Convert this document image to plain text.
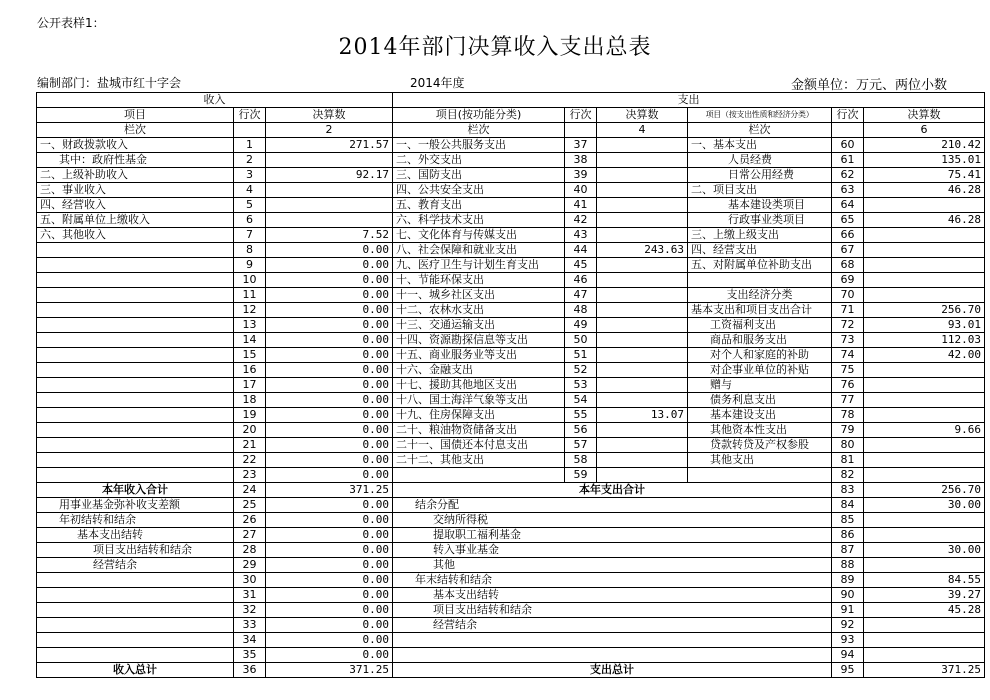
公开表样1：
2014年部门决算收入支出总表
编制部门：盐城市红十字会	2014年度	金额单位：万元、两位小数
收入			支出					
项目	行次	决算数	项目(按功能分类)	行次	决算数	项目（按支出性质和经济分类）	行次	决算数
栏次		2	栏次		4	栏次		6
一、财政拨款收入	1	271.57	一、一般公共服务支出	37		一、基本支出	60	210.42
其中：政府性基金	2		二、外交支出	38		人员经费	61	135.01
二、上级补助收入	3	92.17	三、国防支出	39		日常公用经费	62	75.41
三、事业收入	4		四、公共安全支出	40		二、项目支出	63	46.28
四、经营收入	5		五、教育支出	41		基本建设类项目	64	
五、附属单位上缴收入	6		六、科学技术支出	42		行政事业类项目	65	46.28
六、其他收入	7	7.52	七、文化体育与传媒支出	43		三、上缴上级支出	66	
	8	0.00	八、社会保障和就业支出	44	243.63	四、经营支出	67	
	9	0.00	九、医疗卫生与计划生育支出	45		五、对附属单位补助支出	68	
	10	0.00	十、节能环保支出	46			69	
	11	0.00	十一、城乡社区支出	47		支出经济分类	70	
	12	0.00	十二、农林水支出	48		基本支出和项目支出合计	71	256.70
	13	0.00	十三、交通运输支出	49		工资福利支出	72	93.01
	14	0.00	十四、资源勘探信息等支出	50		商品和服务支出	73	112.03
	15	0.00	十五、商业服务业等支出	51		对个人和家庭的补助	74	42.00
	16	0.00	十六、金融支出	52		对企事业单位的补贴	75	
	17	0.00	十七、援助其他地区支出	53		赠与	76	
	18	0.00	十八、国土海洋气象等支出	54		债务利息支出	77	
	19	0.00	十九、住房保障支出	55	13.07	基本建设支出	78	
	20	0.00	二十、粮油物资储备支出	56		其他资本性支出	79	9.66
	21	0.00	二十一、国债还本付息支出	57		贷款转贷及产权参股	80	
	22	0.00	二十二、其他支出	58		其他支出	81	
	23	0.00		59			82	
本年收入合计	24	371.25	本年支出合计				83	256.70
用事业基金弥补收支差额	25	0.00	结余分配				84	30.00
年初结转和结余	26	0.00	交纳所得税				85	
基本支出结转	27	0.00	提取职工福利基金				86	
项目支出结转和结余	28	0.00	转入事业基金				87	30.00
经营结余	29	0.00	其他				88	
	30	0.00	年末结转和结余				89	84.55
	31	0.00	基本支出结转				90	39.27
	32	0.00	项目支出结转和结余				91	45.28
	33	0.00	经营结余				92	
	34	0.00					93	
	35	0.00					94	
收入总计	36	371.25	支出总计				95	371.25
